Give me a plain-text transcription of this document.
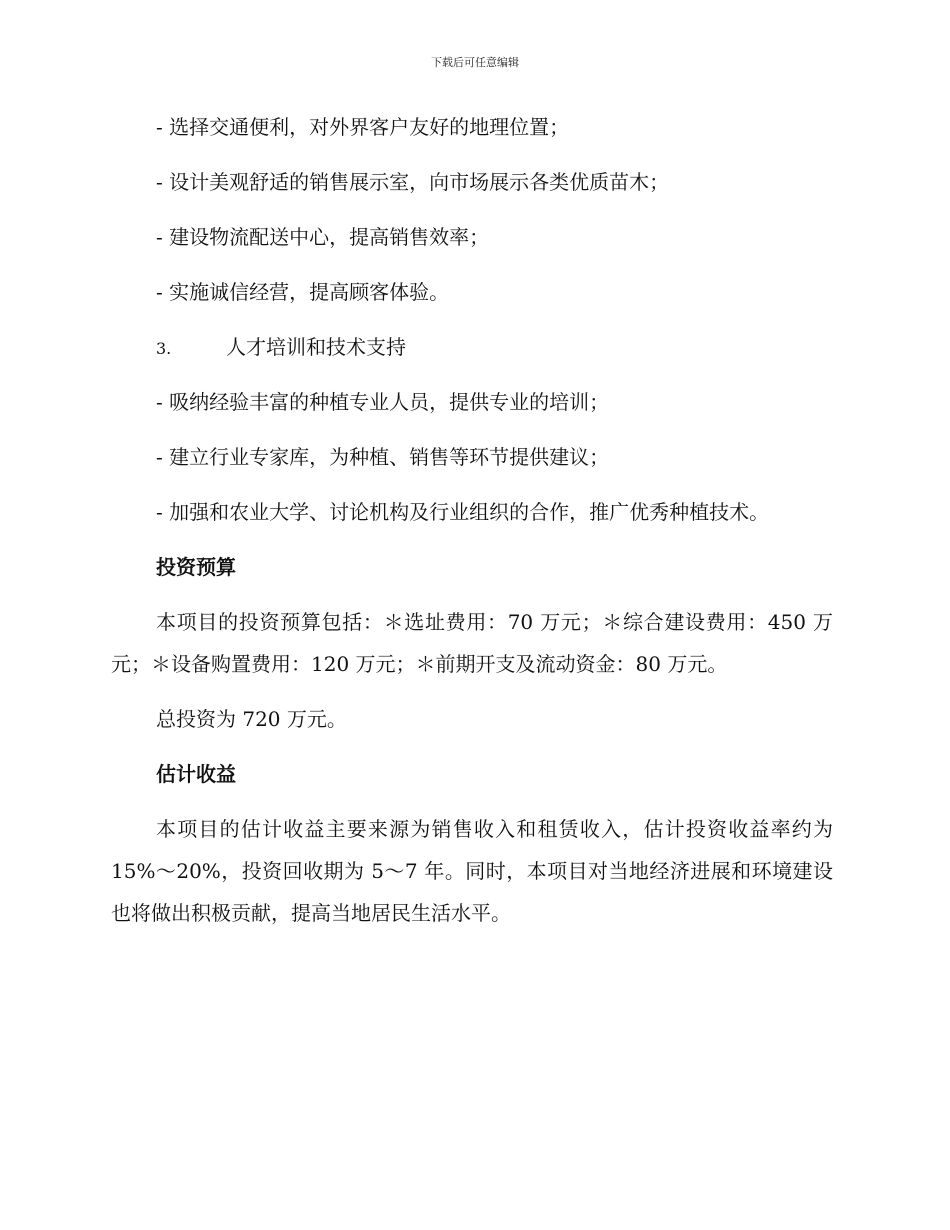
下载后可任意编辑
- 选择交通便利，对外界客户友好的地理位置；
- 设计美观舒适的销售展示室，向市场展示各类优质苗木；
- 建设物流配送中心，提高销售效率；
- 实施诚信经营，提高顾客体验。
3.	人才培训和技术支持
- 吸纳经验丰富的种植专业人员，提供专业的培训；
- 建立行业专家库，为种植、销售等环节提供建议；
- 加强和农业大学、讨论机构及行业组织的合作，推广优秀种植技术。
投资预算

本项目的投资预算包括：＊选址费用：70 万元；＊综合建设费用：450 万元；＊设备购置费用：120 万元；＊前期开支及流动资金：80 万元。

总投资为 720 万元。
估计收益

本项目的估计收益主要来源为销售收入和租赁收入，估计投资收益率约为 15%～20%，投资回收期为 5～7 年。同时，本项目对当地经济进展和环境建设也将做出积极贡献，提高当地居民生活水平。
